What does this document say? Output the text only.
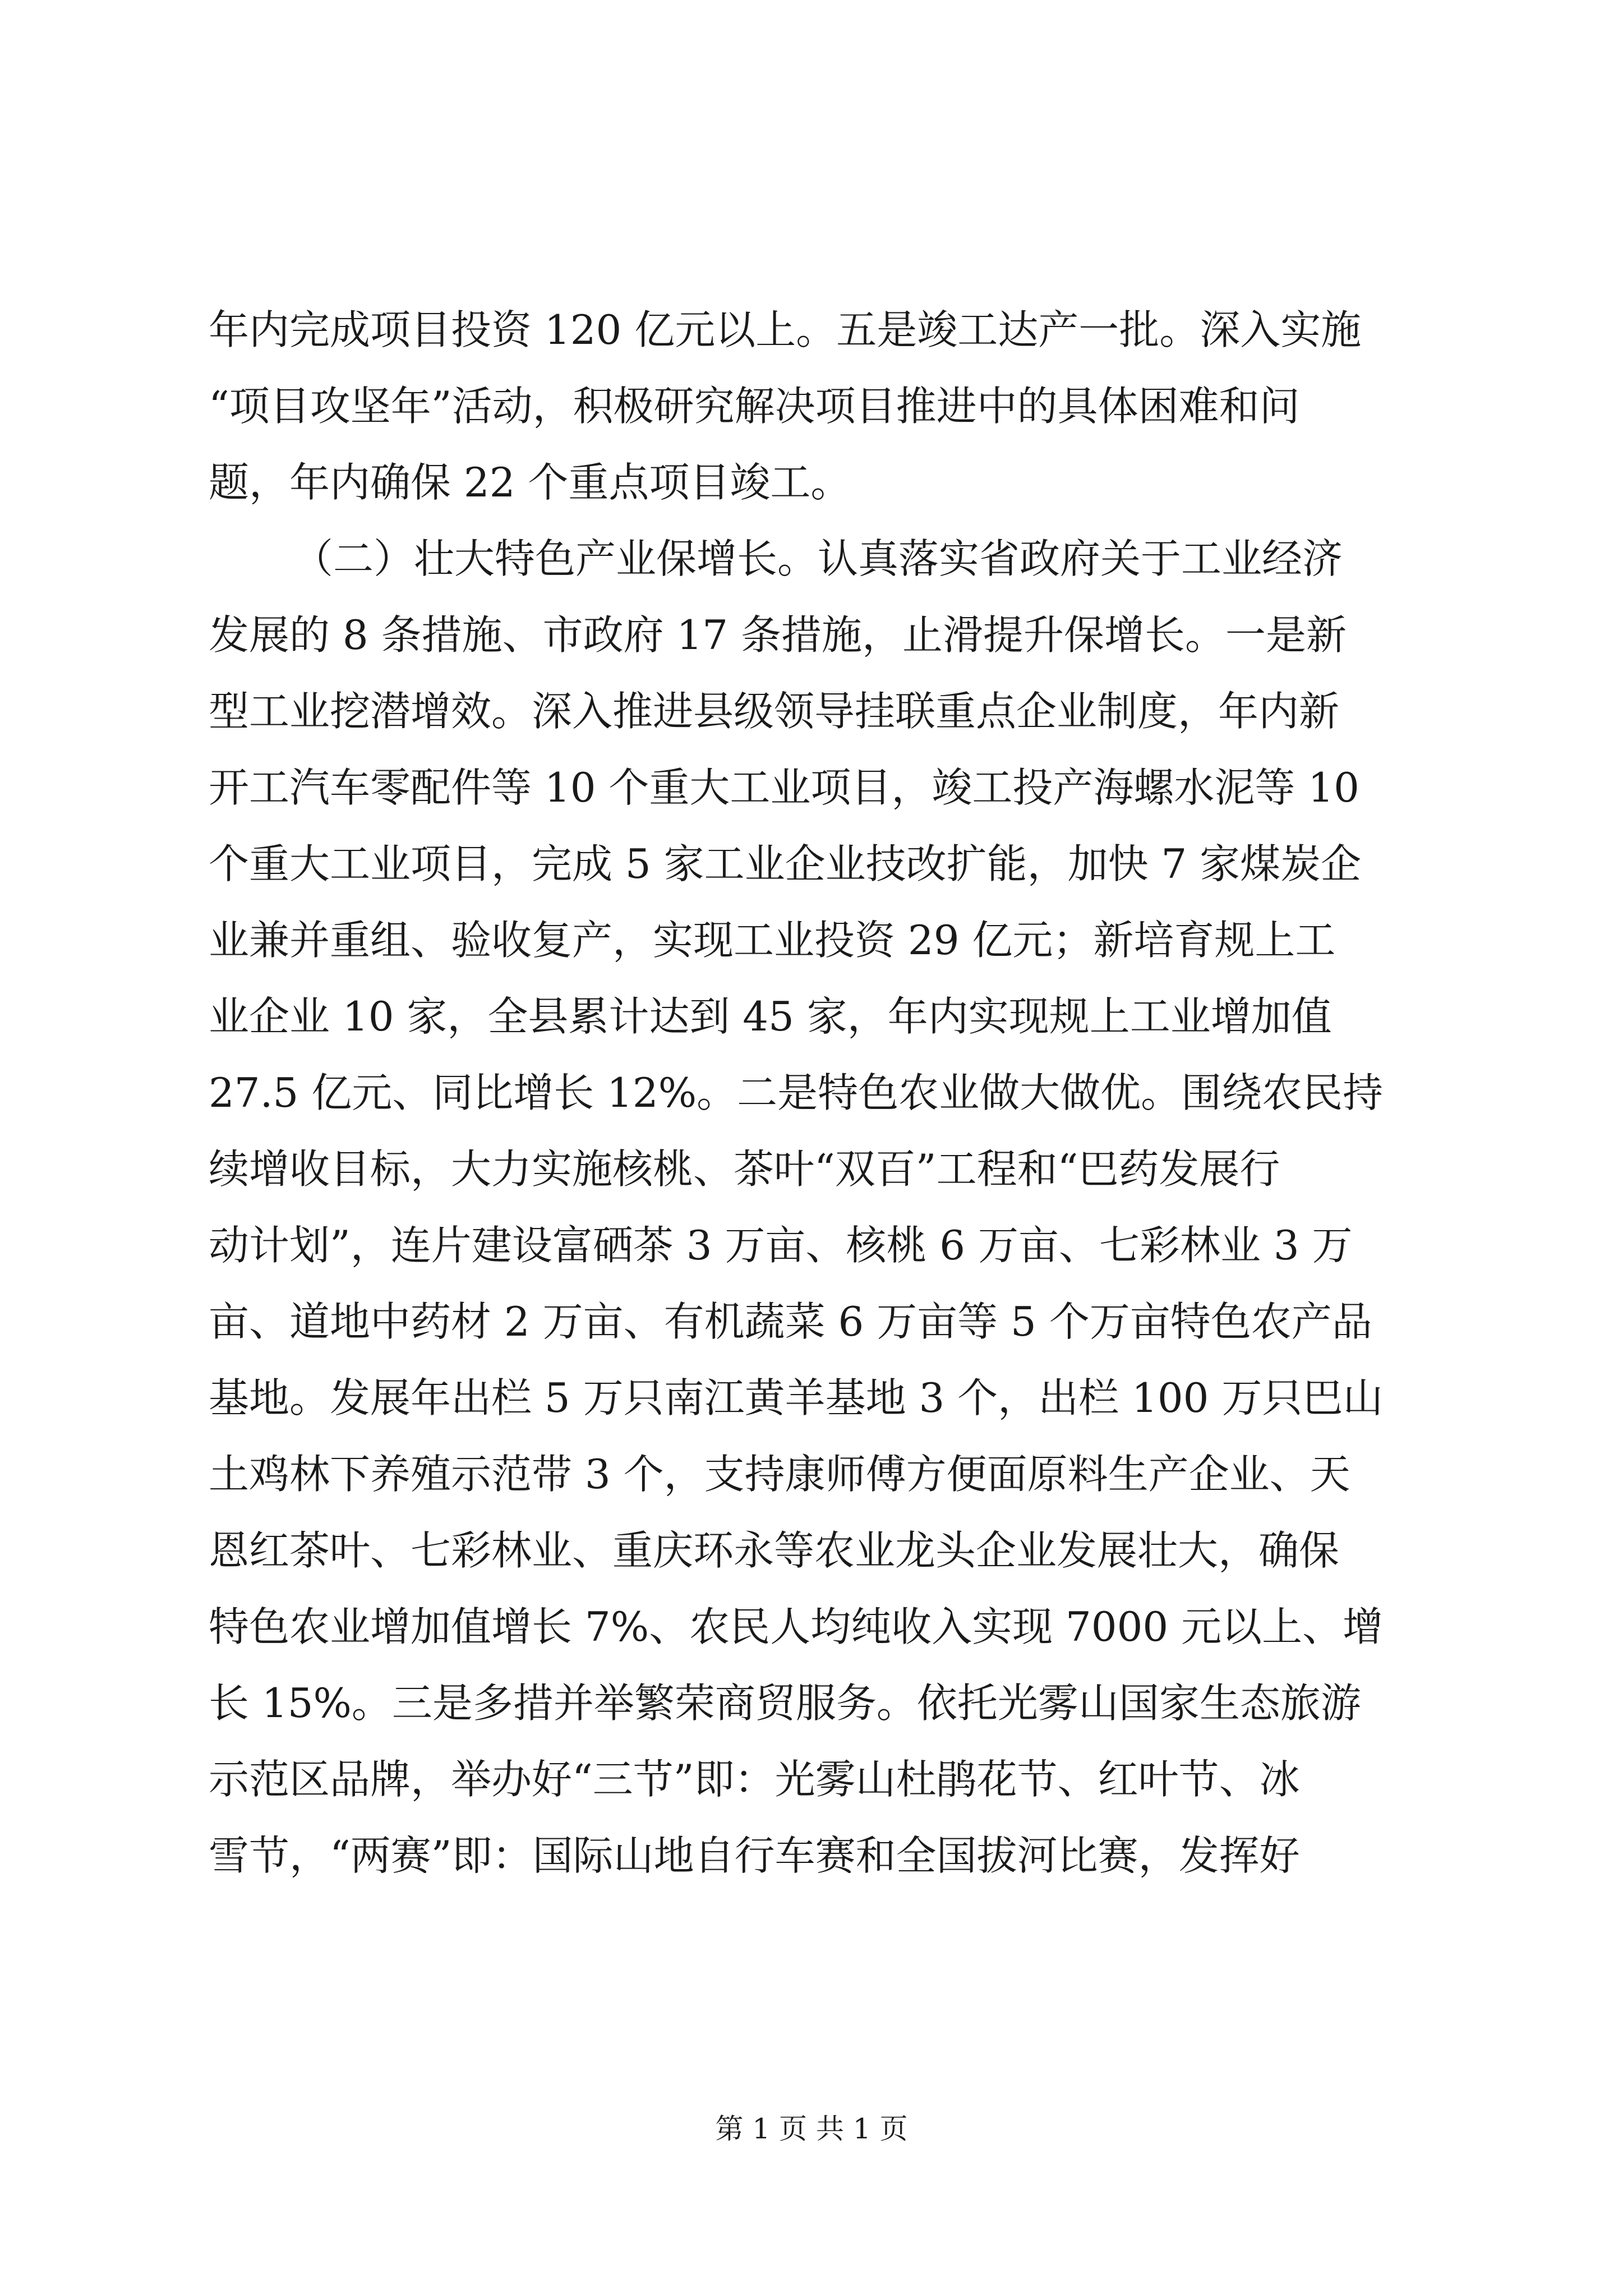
年内完成项目投资 120 亿元以上。五是竣工达产一批。深入实施
“项目攻坚年”活动，积极研究解决项目推进中的具体困难和问
题，年内确保 22 个重点项目竣工。
（二）壮大特色产业保增长。认真落实省政府关于工业经济
发展的 8 条措施、市政府 17 条措施，止滑提升保增长。一是新
型工业挖潜增效。深入推进县级领导挂联重点企业制度，年内新
开工汽车零配件等 10 个重大工业项目，竣工投产海螺水泥等 10
个重大工业项目，完成 5 家工业企业技改扩能，加快 7 家煤炭企
业兼并重组、验收复产，实现工业投资 29 亿元；新培育规上工
业企业 10 家，全县累计达到 45 家，年内实现规上工业增加值
27.5 亿元、同比增长 12%。二是特色农业做大做优。围绕农民持
续增收目标，大力实施核桃、茶叶“双百”工程和“巴药发展行
动计划”，连片建设富硒茶 3 万亩、核桃 6 万亩、七彩林业 3 万
亩、道地中药材 2 万亩、有机蔬菜 6 万亩等 5 个万亩特色农产品
基地。发展年出栏 5 万只南江黄羊基地 3 个，出栏 100 万只巴山
土鸡林下养殖示范带 3 个，支持康师傅方便面原料生产企业、天
恩红茶叶、七彩林业、重庆环永等农业龙头企业发展壮大，确保
特色农业增加值增长 7%、农民人均纯收入实现 7000 元以上、增
长 15%。三是多措并举繁荣商贸服务。依托光雾山国家生态旅游
示范区品牌，举办好“三节”即：光雾山杜鹃花节、红叶节、冰
雪节，“两赛”即：国际山地自行车赛和全国拔河比赛，发挥好
第 1 页 共 1 页
